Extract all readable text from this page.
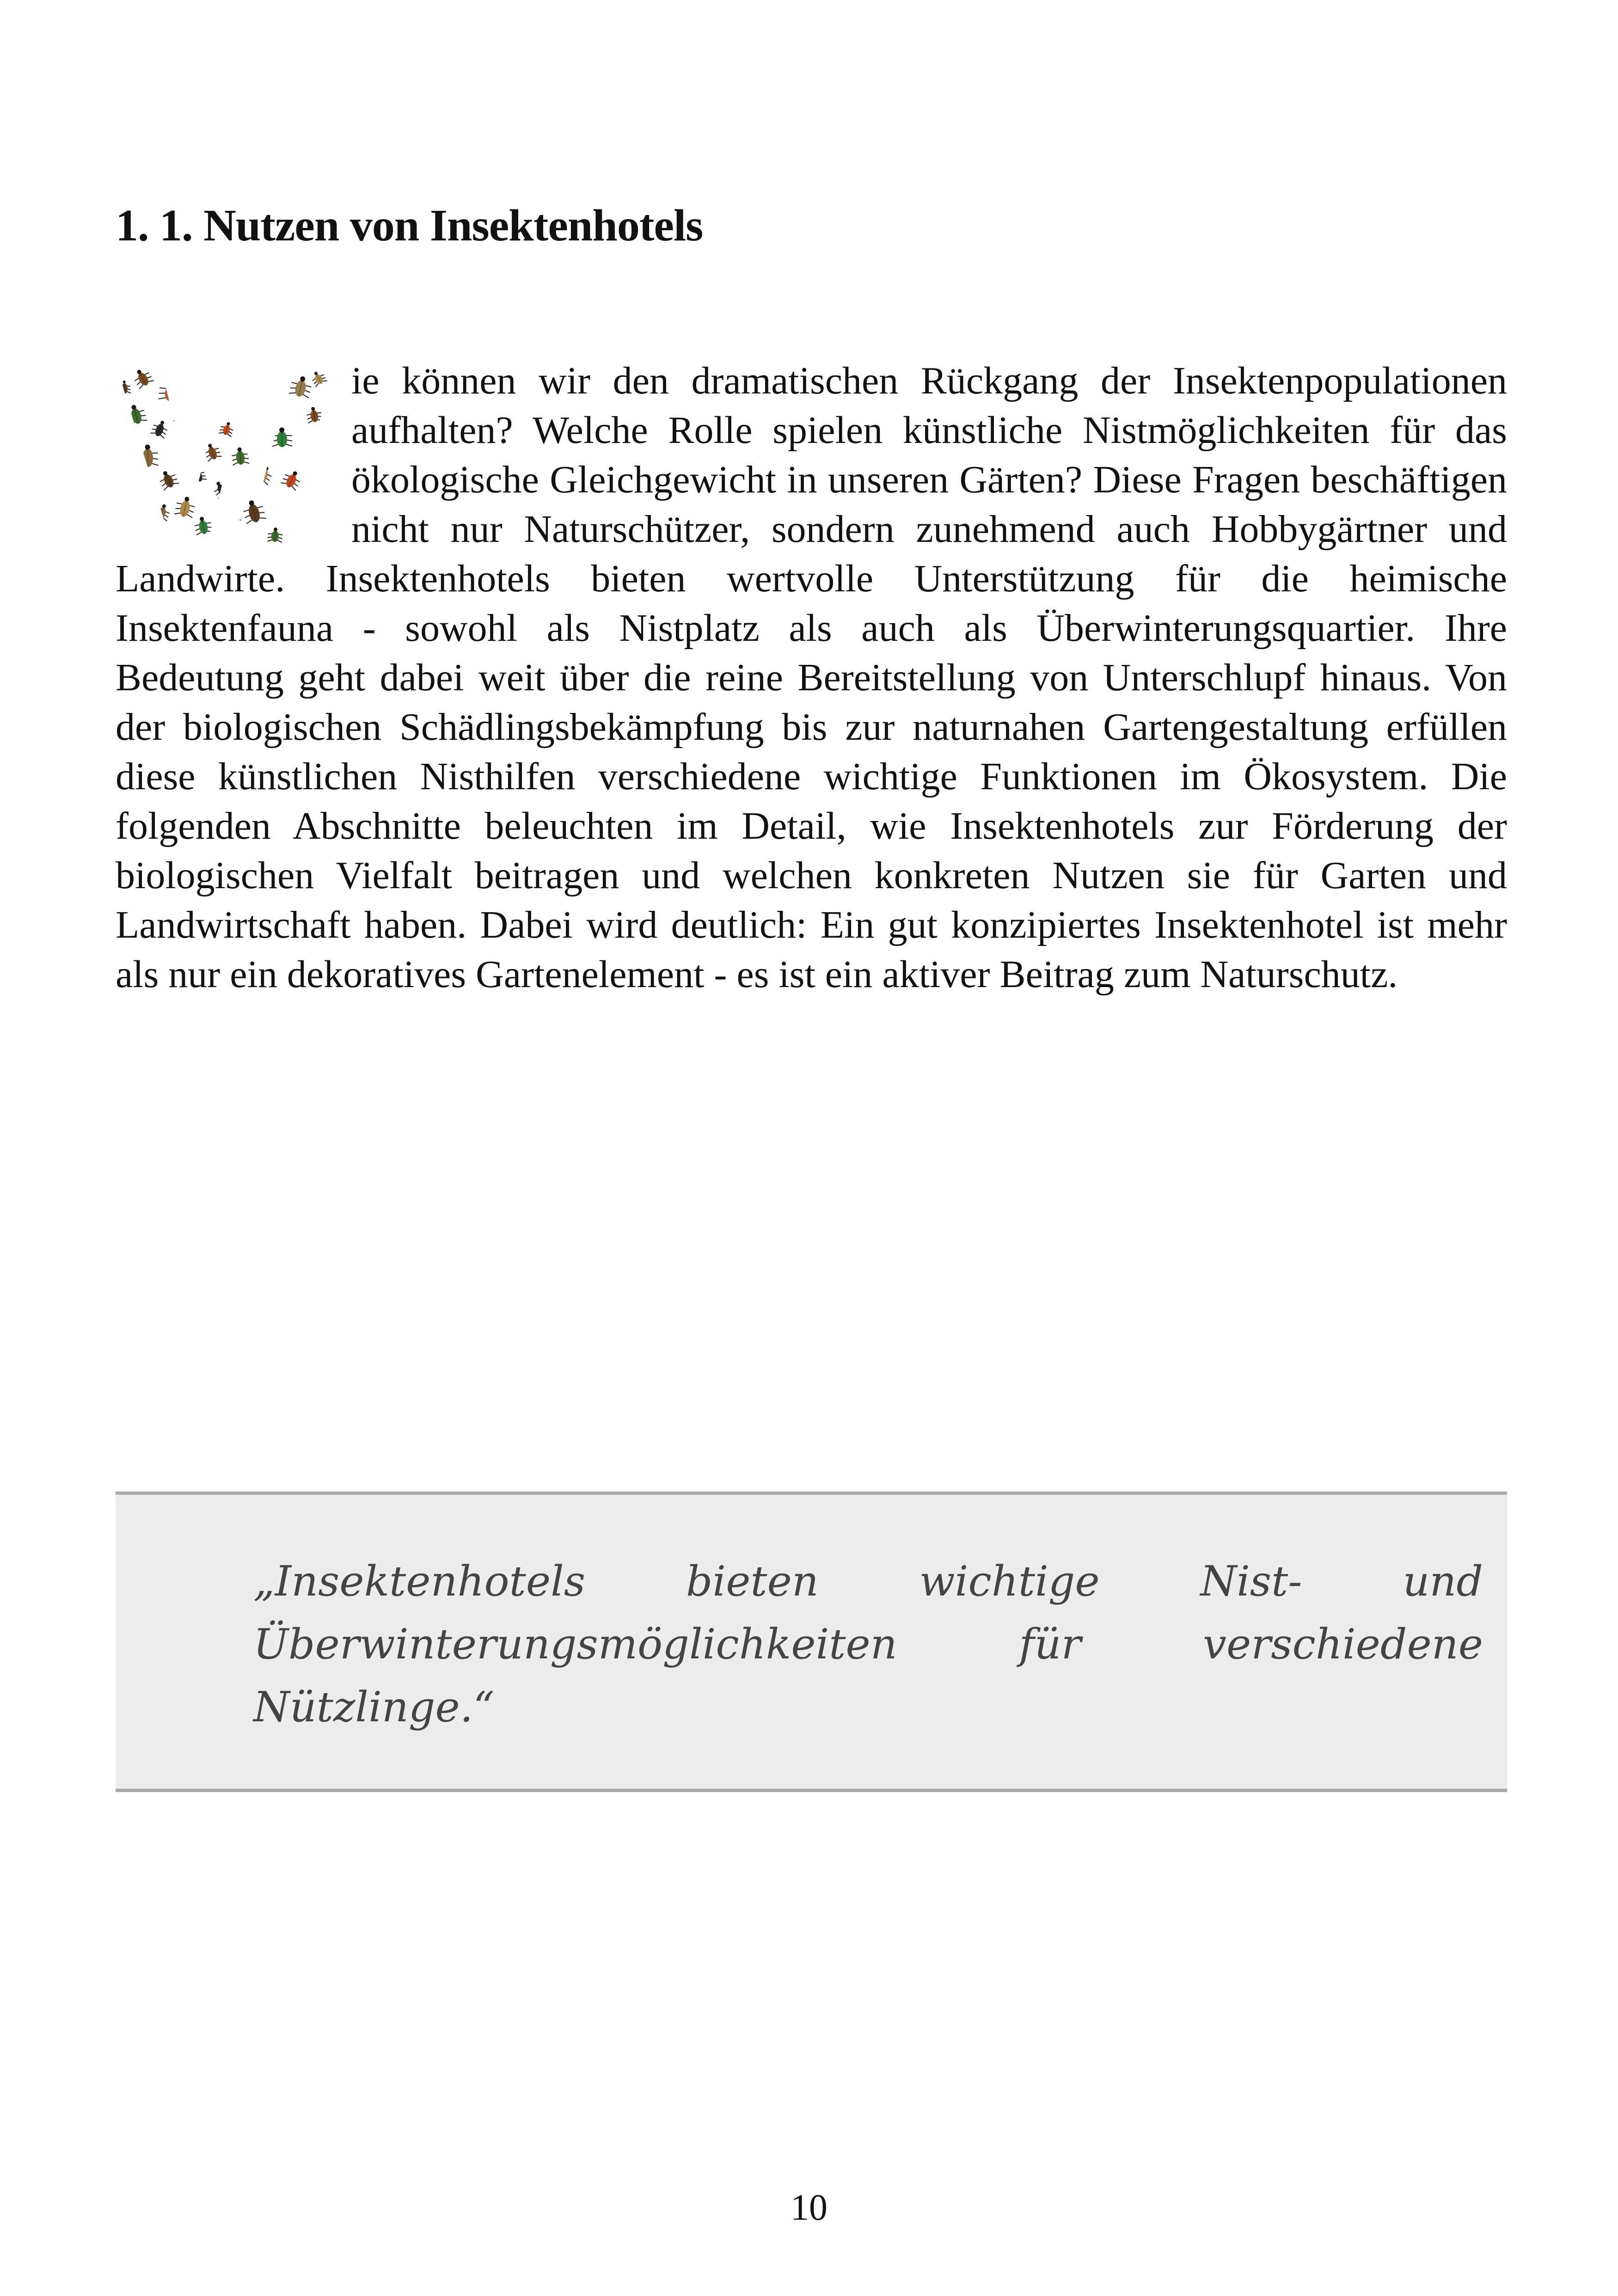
1. 1. Nutzen von Insektenhotels
ie können wir den dramatischen Rückgang der Insektenpopulationen aufhalten? Welche Rolle spielen künstliche Nistmöglichkeiten für das ökologische Gleichgewicht in unseren Gärten? Diese Fragen beschäftigen nicht nur Naturschützer, sondern zunehmend auch Hobbygärtner und Landwirte. Insektenhotels bieten wertvolle Unterstützung für die heimische Insektenfauna - sowohl als Nistplatz als auch als Überwinterungsquartier. Ihre Bedeutung geht dabei weit über die reine Bereitstellung von Unterschlupf hinaus. Von der biologischen Schädlingsbekämpfung bis zur naturnahen Gartengestaltung erfüllen diese künstlichen Nisthilfen verschiedene wichtige Funktionen im Ökosystem. Die folgenden Abschnitte beleuchten im Detail, wie Insektenhotels zur Förderung der biologischen Vielfalt beitragen und welchen konkreten Nutzen sie für Garten und Landwirtschaft haben. Dabei wird deutlich: Ein gut konzipiertes Insektenhotel ist mehr als nur ein dekoratives Gartenelement - es ist ein aktiver Beitrag zum Naturschutz.

„Insektenhotels bieten wichtige Nist- und Überwinterungsmöglichkeiten für verschiedene Nützlinge.“

10
